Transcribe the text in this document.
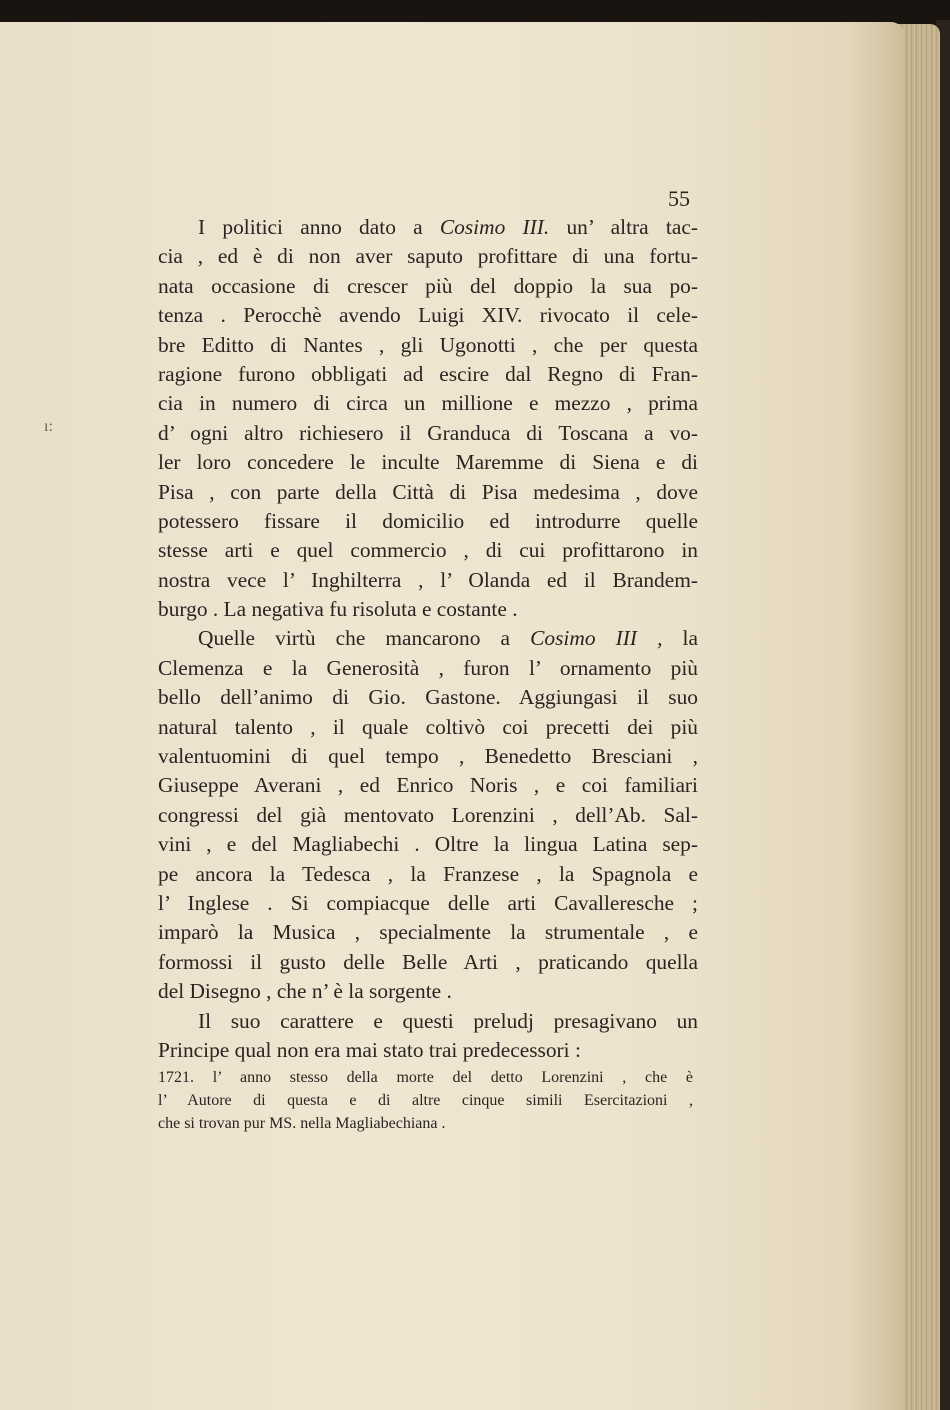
ı:
55
I politici anno dato a Cosimo III. un’ altra tac-
cia , ed è di non aver saputo profittare di una fortu-
nata occasione di crescer più del doppio la sua po-
tenza . Perocchè avendo Luigi XIV. rivocato il cele-
bre Editto di Nantes , gli Ugonotti , che per questa
ragione furono obbligati ad escire dal Regno di Fran-
cia in numero di circa un millione e mezzo , prima
d’ ogni altro richiesero il Granduca di Toscana a vo-
ler loro concedere le inculte Maremme di Siena e di
Pisa , con parte della Città di Pisa medesima , dove
potessero fissare il domicilio ed introdurre quelle
stesse arti e quel commercio , di cui profittarono in
nostra vece l’ Inghilterra , l’ Olanda ed il Brandem-
burgo . La negativa fu risoluta e costante .
Quelle virtù che mancarono a Cosimo III , la
Clemenza e la Generosità , furon l’ ornamento più
bello dell’animo di Gio. Gastone. Aggiungasi il suo
natural talento , il quale coltivò coi precetti dei più
valentuomini di quel tempo , Benedetto Bresciani ,
Giuseppe Averani , ed Enrico Noris , e coi familiari
congressi del già mentovato Lorenzini , dell’Ab. Sal-
vini , e del Magliabechi . Oltre la lingua Latina sep-
pe ancora la Tedesca , la Franzese , la Spagnola e
l’ Inglese . Si compiacque delle arti Cavalleresche ;
imparò la Musica , specialmente la strumentale , e
formossi il gusto delle Belle Arti , praticando quella
del Disegno , che n’ è la sorgente .
Il suo carattere e questi preludj presagivano un
Principe qual non era mai stato trai predecessori :
1721. l’ anno stesso della morte del detto Lorenzini , che è
l’ Autore di questa e di altre cinque simili Esercitazioni ,
che si trovan pur MS. nella Magliabechiana .
